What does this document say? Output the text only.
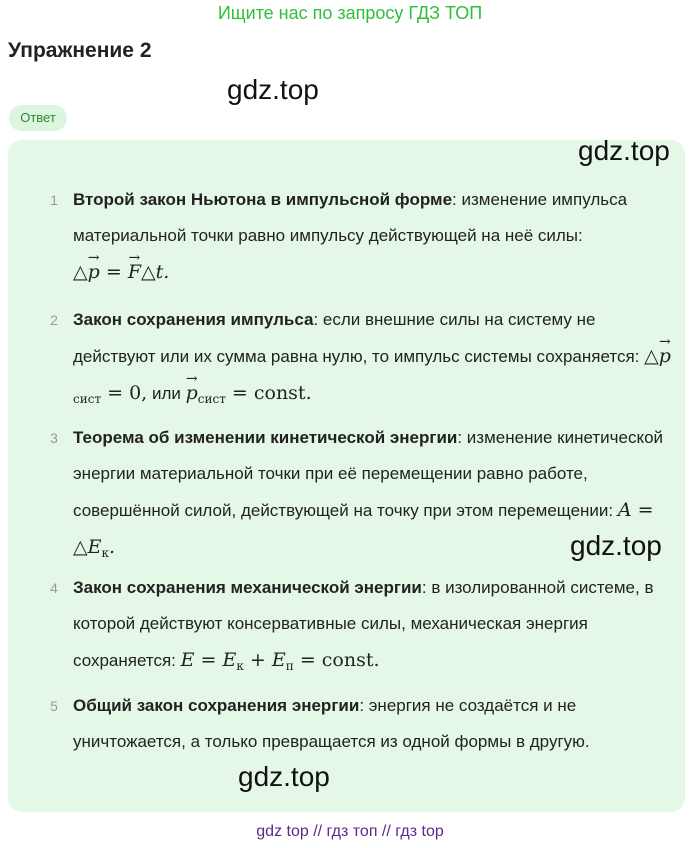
Ищите нас по запросу ГДЗ ТОП
Упражнение 2
gdz.top
Ответ
1 Второй закон Ньютона в импульсной форме: изменение импульса материальной точки равно импульсу действующей на неё силы:
△→ p = → F△t.
2 Закон сохранения импульса: если внешние силы на систему не действуют или их сумма равна нулю, то импульс системы сохраняется: △→ $p_{сист} = 0$, или → $p_{сист}$ = const.
3 Теорема об изменении кинетической энергии: изменение кинетической энергии материальной точки при её перемещении равно работе, совершённой силой, действующей на точку при этом перемещении: $A = \triangle E_к$.
4 Закон сохранения механической энергии: в изолированной системе, в которой действуют консервативные силы, механическая энергия сохраняется: $E = E_к + E_п$ = const.
5 Общий закон сохранения энергии: энергия не создаётся и не уничтожается, а только превращается из одной формы в другую.
gdz.top
gdz.top
gdz.top
gdz top // гдз топ // гдз top
